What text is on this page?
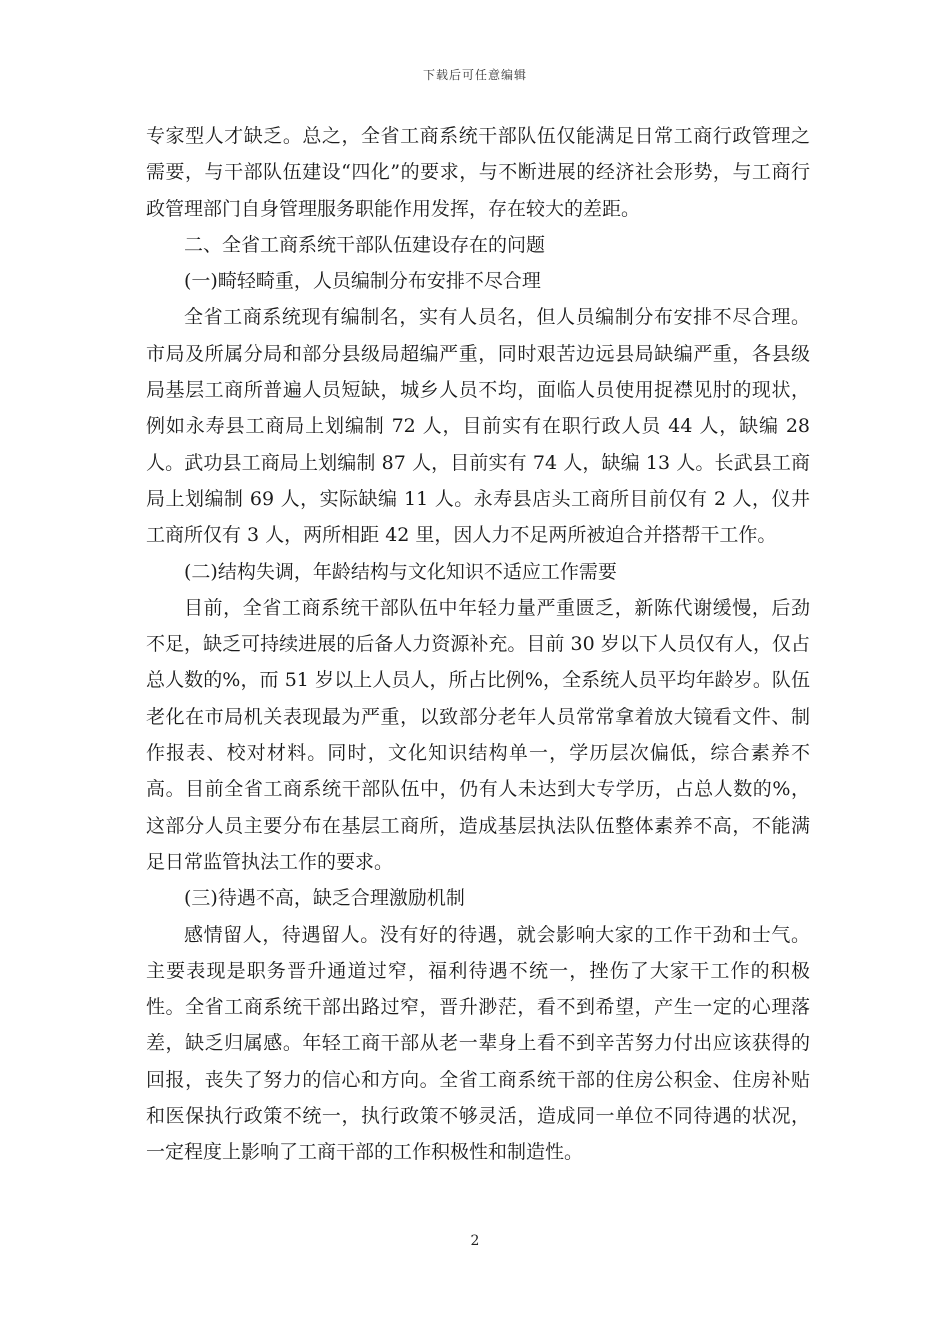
下载后可任意编辑

专家型人才缺乏。总之，全省工商系统干部队伍仅能满足日常工商行政管理之需要，与干部队伍建设“四化”的要求，与不断进展的经济社会形势，与工商行政管理部门自身管理服务职能作用发挥，存在较大的差距。

二、全省工商系统干部队伍建设存在的问题

(一)畸轻畸重，人员编制分布安排不尽合理

全省工商系统现有编制名，实有人员名，但人员编制分布安排不尽合理。市局及所属分局和部分县级局超编严重，同时艰苦边远县局缺编严重，各县级局基层工商所普遍人员短缺，城乡人员不均，面临人员使用捉襟见肘的现状，例如永寿县工商局上划编制 72 人，目前实有在职行政人员 44 人，缺编 28 人。武功县工商局上划编制 87 人，目前实有 74 人，缺编 13 人。长武县工商局上划编制 69 人，实际缺编 11 人。永寿县店头工商所目前仅有 2 人，仪井工商所仅有 3 人，两所相距 42 里，因人力不足两所被迫合并搭帮干工作。

(二)结构失调，年龄结构与文化知识不适应工作需要

目前，全省工商系统干部队伍中年轻力量严重匮乏，新陈代谢缓慢，后劲不足，缺乏可持续进展的后备人力资源补充。目前 30 岁以下人员仅有人，仅占总人数的%，而 51 岁以上人员人，所占比例%，全系统人员平均年龄岁。队伍老化在市局机关表现最为严重，以致部分老年人员常常拿着放大镜看文件、制作报表、校对材料。同时，文化知识结构单一，学历层次偏低，综合素养不高。目前全省工商系统干部队伍中，仍有人未达到大专学历，占总人数的%，这部分人员主要分布在基层工商所，造成基层执法队伍整体素养不高，不能满足日常监管执法工作的要求。

(三)待遇不高，缺乏合理激励机制

感情留人，待遇留人。没有好的待遇，就会影响大家的工作干劲和士气。主要表现是职务晋升通道过窄，福利待遇不统一，挫伤了大家干工作的积极性。全省工商系统干部出路过窄，晋升渺茫，看不到希望，产生一定的心理落差，缺乏归属感。年轻工商干部从老一辈身上看不到辛苦努力付出应该获得的回报，丧失了努力的信心和方向。全省工商系统干部的住房公积金、住房补贴和医保执行政策不统一，执行政策不够灵活，造成同一单位不同待遇的状况，一定程度上影响了工商干部的工作积极性和制造性。

2
